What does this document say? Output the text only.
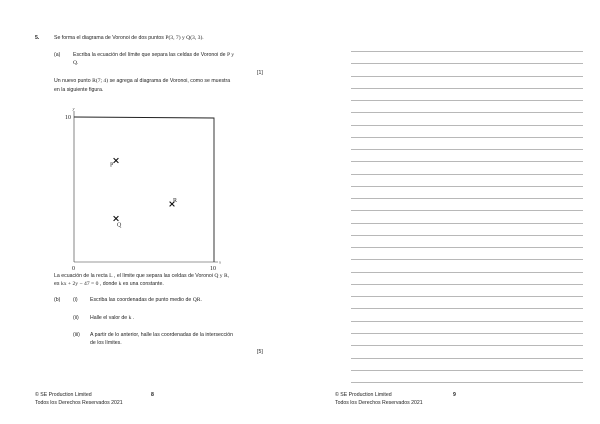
5.	Se forma el diagrama de Voronoi de dos puntos P(3, 7) y Q(3, 3).
(a) Escriba la ecuación del límite que separa las celdas de Voronoi de P y
Q.
[1]
Un nuevo punto R(7; 4) se agrega al diagrama de Voronoi, como se muestra
en la siguiente figura.
x
y
0	10
10
P
Q
R
La ecuación de la recta L , el límite que separa las celdas de Voronoi Q y R,
es kx + 2y − 47 = 0 , donde k es una constante.
(b) (i) Escriba las coordenadas de punto medio de QR.
(ii) Halle el valor de k .
(iii) A partir de lo anterior, halle las coordenadas de la intersección
de los límites.
[5]
© SE Production Limited
Todos los Derechos Reservados 2021
8	© SE Production Limited
Todos los Derechos Reservados 2021
9
